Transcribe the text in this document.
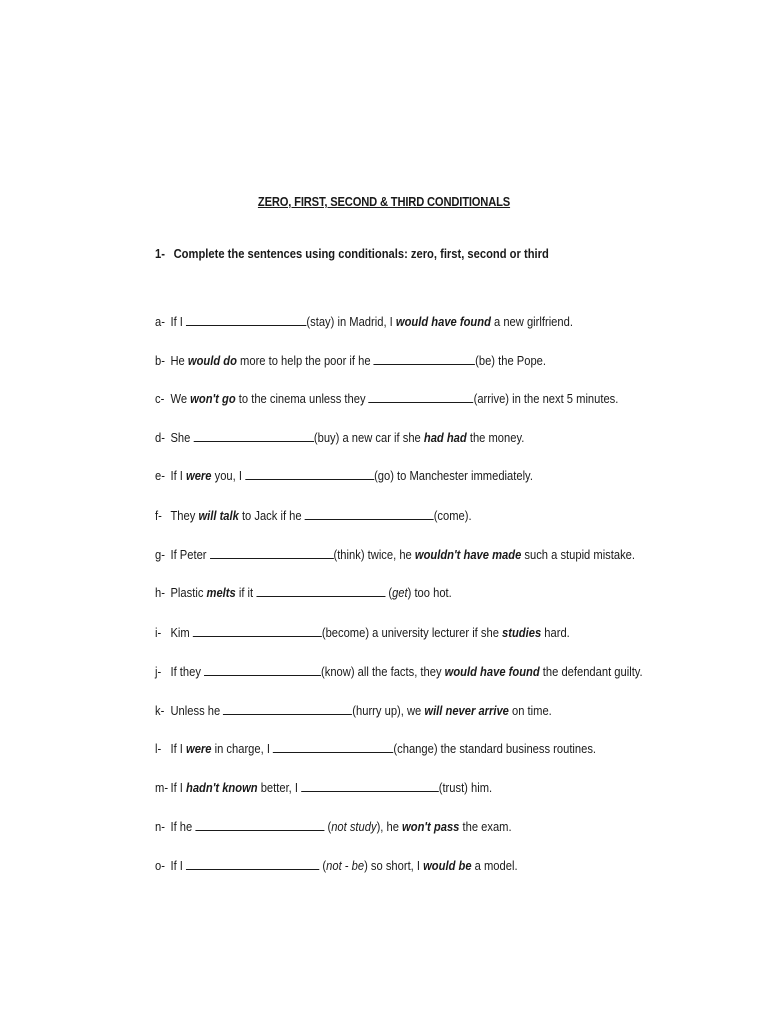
ZERO, FIRST, SECOND & THIRD CONDITIONALS
1- Complete the sentences using conditionals: zero, first, second or third
a- If I	(stay) in Madrid, I would have found a new girlfriend.
b- He would do more to help the poor if he	(be) the Pope.
c- We won't go to the cinema unless they	(arrive) in the next 5 minutes.
d- She	(buy) a new car if she had had the money.
e- If I were you, I	(go) to Manchester immediately.
f- They will talk to Jack if he	(come).
g- If Peter	(think) twice, he wouldn't have made such a stupid mistake.
h- Plastic melts if it	(get) too hot.
i- Kim	(become) a university lecturer if she studies hard.
j- If they	(know) all the facts, they would have found the defendant guilty.
k- Unless he	(hurry up), we will never arrive on time.
l- If I were in charge, I	(change) the standard business routines.
m- If I hadn't known better, I	(trust) him.
n- If he	(not study), he won't pass the exam.
o- If I	(not - be) so short, I would be a model.
